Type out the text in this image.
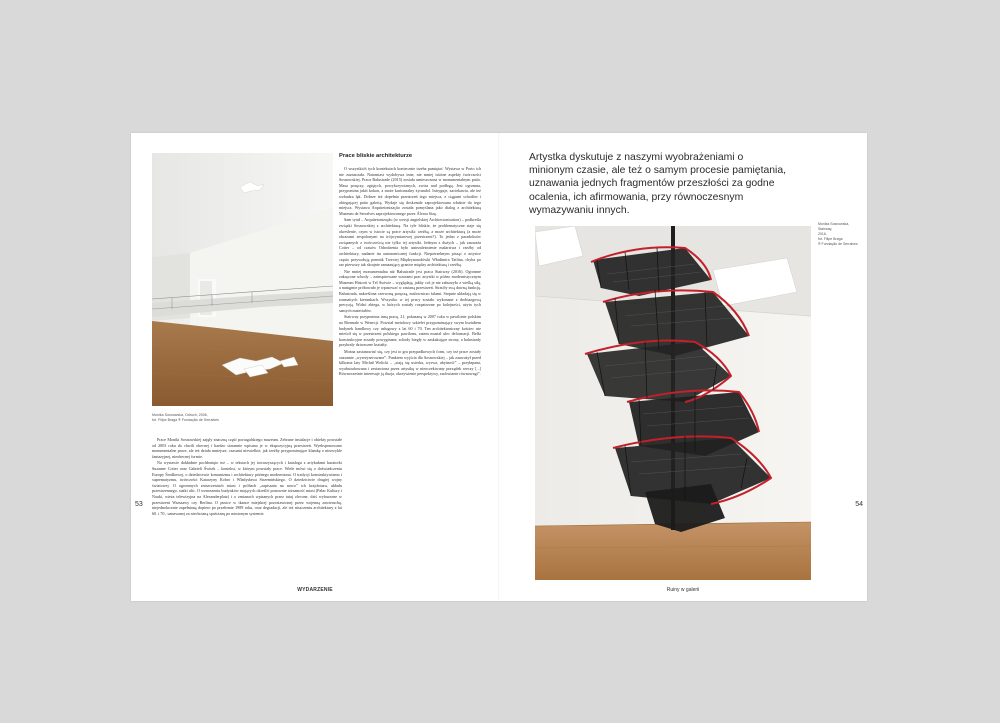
Monika Sosnowska, Odruch, 2006,
fot. Filipe Braga ® Fundação de Serralves
Prace bliskie architekturze

O wszystkich tych kontekstach koniecznie trzeba pamiętać. Wystawa w Porto ich nie zaznaczała. Natomiast wydobywa inne, nie mniej istotne aspekty twórczości Sosnowskiej. Praca Balustrade (2015) została umieszczona w monumentalnym patio. Masa poręczy, zgiętych, powykrzywianych, zwisa nad podłogą. Jest ogromna, przypomina jakiś kokon, a może kurioznalny żyrandol. Intryguje, zaciekawia, ale też wzbudza lęk. Dobrze też dopełnia przestrzeń tego miejsca, z ciągami schodów i obiegającej patio galerią. Wydaje się doskonale zaprojektowana właśnie do tego miejsca. Wystawa Arquitetonização została pomyślana jako dialog z architekturą Muzeum de Serralves zaprojektowanego przez Álvara Sizę.

Sam tytuł – Arquitetonização (w wersji angielskiej Architectonisation) – podkreśla związki Sosnowskiej z architekturą. Na tyle bliskie, że problematyczne staje się określenie, czym w istocie są prace artystki: rzeźbą, a może architekturą (a może obrazami zespolonymi na trójwymiarowej przestrzeni?). To jedno z paradoksów związanych z twórczością nie tylko tej artystki. Jednym z dużych – jak zauważa Cotter – od czasów Odrodzenia było uniezależnienie malarstwa i rzeźby od architektury, nadanie im autonomicznej funkcji. Niepotrzebnym pisząc o artystce często przywołują pomnik Trzeciej Międzynarodówki Władimira Tatlina, chyba po raz pierwszy tak skrajnie zamazujący granice między architekturą i rzeźbą.

Nie mniej monumentalna niż Balustrade jest praca Stairway (2016). Ogromne zakręcone schody – zainspirowane wzorami prac artystki w późno modernistycznym Muzeum Historii w Tel Awiwie – wyglądają, jakby coś je nie zaburzyło z wielką siłą, a następnie próbowało je wpasować w zastaną przestrzeń. Straciły swą dawną funkcję. Balustrada, nakreślona czerwoną poręczą, malowniczo falami. Stopnie układają się w rozmaitych kierunkach. Wszystko w tej pracy zostało wykonane z drobiazgową precyzją. Widać zbiega, w których zostały rozpatrzone po kolejności, użyto tych samych materiałów.

Stairway przypomina inną pracę, 21, pokazaną w 2007 roku w pawilonie polskim na Biennale w Wenecji. Powstał metalowy szkielet przypominający swym kształtem budynek handlowy czy usługowy z lat 60 i 70. Ten architektoniczny kościec nie mieścił się w przestrzeni polskiego pawilonu, zatem musiał ulec deformacji. Belki konstrukcyjne zostały powyginane, schody biegły w zaskakujące strony, a balustrady przybrały dziwaczne kształty.

Można zastanawiać się, czy jest to gra przypadkowych form, czy też prace zostały starannie „wyreżyserowane”. Punktem wyjścia dla Sosnowskiej – jak zauważył przed kilkoma laty Michał Wolicki – „stają się usterka, wyrwa, ubytność” – przyłapana, wyabstrahowana i zestawiona przez artystkę w nieoczekiwany porządek rzeczy [...] Równocześnie interesuje ją iluzja, okrzywienie perspektywy, zachwianie równowagi”.

Prace Moniki Sosnowskiej zajęły znaczną część portugalskiego muzeum. Zebrane instalacje i obiekty powstałe od 2003 roku do chwili obecnej i bardzo starannie wpisano je w ekspozycyjną przestrzeń. Wyeksponowano monumentalne prace, ale też działa mniejsze, czasami niewielkie, jak rzeźby przypominające klamkę o niezwykle fantazyjnej, nieobecnej formie.

Na wystawie dokładnie pochłonięto też – w tekstach jej towarzyszących i katalogu z artykułami kuratorki Suzanne Cotter oraz Gabrieli Świtek – kontekst, w którym powstały prace. Wiele mówi się o doświadczeniu Europy Środkowej, o dziedzictwie komunizmu i architektury późnego modernizmu. O tradycji konstruktywizmu i suprematyzmu, twórczości Katarzyny Kobro i Władysława Strzemińskiego. O dziedzictwie drugiej wojny światowej. O ogromnych zniszczeniach miast i próbach „zapisania na nowo” ich krajobrazu, układu przestrzennego, siatki ulic. O wznoszeniu budynków mających określić ponownie tożsamość miast (Pałac Kultury i Nauki, wieża telewizyjna na Alexanderplatz) i o zmianach wpisanych przez tutaj zlecone, dziś wyburzone w przestrzeni Warszawy czy Berlina. O pustce w tkance miejskiej pozostawionej przez wojenną zawieruchę, niejednokrotnie zapełnianą dopiero po przełomie 1989 roku, oraz degradacji, ale też niszczeniu architektury z lat 60. i 70., uznawanej za niechcianą spuściznę po minionym systemie.

53
WYDARZENIE
Artystka dyskutuje z naszymi wyobrażeniami o minionym czasie, ale też o samym procesie pamiętania, uznawania jednych fragmentów przeszłości za godne ocalenia, ich afirmowania, przy równoczesnym wymazywaniu innych.
Monika Sosnowska,
Stairway,
2016,
fot. Filipe Braga
® Fundação de Serralves
54
Ruiny w galerii
